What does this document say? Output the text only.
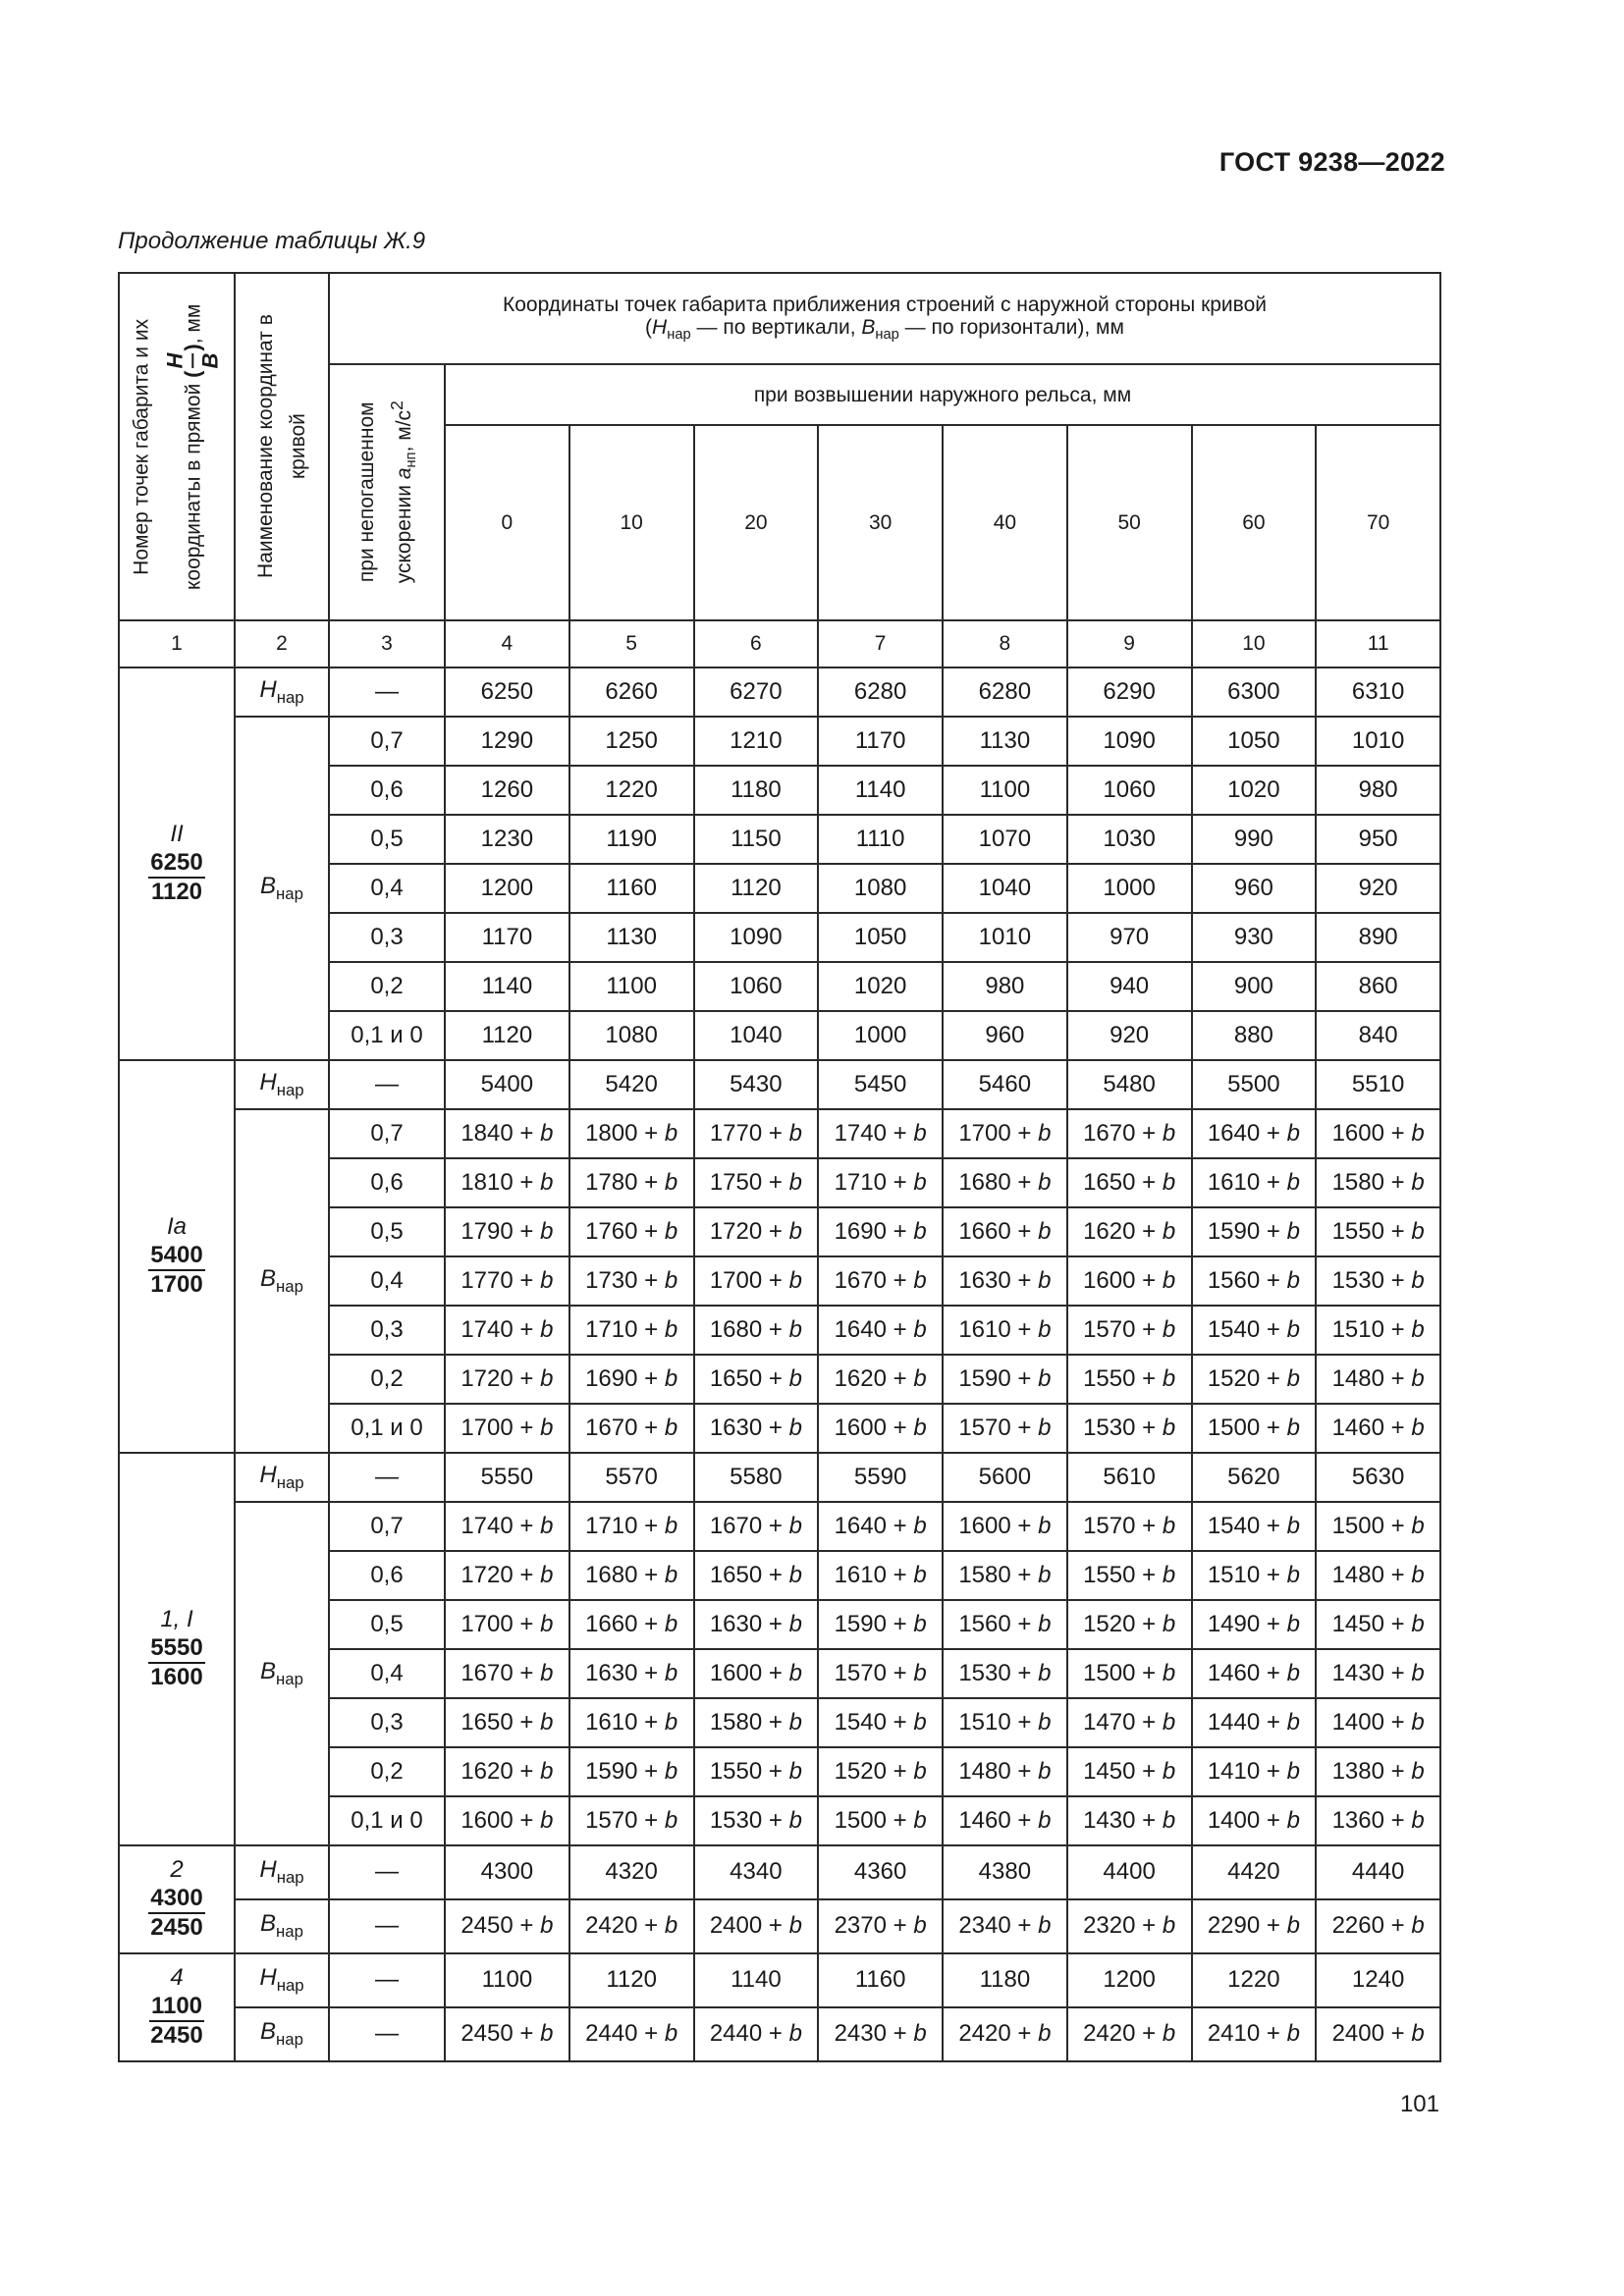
ГОСТ 9238—2022
Продолжение таблицы Ж.9
Номер точек габарита и их координаты в прямой (
H B
), мм	Наименование координат в кривой	Координаты точек габарита приближения строений с наружной стороны кривой
($H_{нар}$ — по вертикали, $B_{нар}$ — по горизонтали), мм								

		при непогашенном ускорении $a_{нп}$, $м/с^2$	при возвышении наружного рельса, мм							
			0	10	20	30	40	50	60	70
1	2	3	4	5	6	7	8	9	10	11

II
$\frac{6250}{1120}$	$H_{нар}$	—	6250	6260	6270	6280	6280	6290	6300	6310
	$B_{нар}$	0,7	1290	1250	1210	1170	1130	1090	1050	1010
		0,6	1260	1220	1180	1140	1100	1060	1020	980
		0,5	1230	1190	1150	1110	1070	1030	990	950
		0,4	1200	1160	1120	1080	1040	1000	960	920
		0,3	1170	1130	1090	1050	1010	970	930	890
		0,2	1140	1100	1060	1020	980	940	900	860
		0,1 и 0	1120	1080	1040	1000	960	920	880	840

Ia
$\frac{5400}{1700}$	$H_{нар}$	—	5400	5420	5430	5450	5460	5480	5500	5510
	$B_{нар}$	0,7	1840 + b	1800 + b	1770 + b	1740 + b	1700 + b	1670 + b	1640 + b	1600 + b
		0,6	1810 + b	1780 + b	1750 + b	1710 + b	1680 + b	1650 + b	1610 + b	1580 + b
		0,5	1790 + b	1760 + b	1720 + b	1690 + b	1660 + b	1620 + b	1590 + b	1550 + b
		0,4	1770 + b	1730 + b	1700 + b	1670 + b	1630 + b	1600 + b	1560 + b	1530 + b
		0,3	1740 + b	1710 + b	1680 + b	1640 + b	1610 + b	1570 + b	1540 + b	1510 + b
		0,2	1720 + b	1690 + b	1650 + b	1620 + b	1590 + b	1550 + b	1520 + b	1480 + b
		0,1 и 0	1700 + b	1670 + b	1630 + b	1600 + b	1570 + b	1530 + b	1500 + b	1460 + b

1, I
$\frac{5550}{1600}$	$H_{нар}$	—	5550	5570	5580	5590	5600	5610	5620	5630
	$B_{нар}$	0,7	1740 + b	1710 + b	1670 + b	1640 + b	1600 + b	1570 + b	1540 + b	1500 + b
		0,6	1720 + b	1680 + b	1650 + b	1610 + b	1580 + b	1550 + b	1510 + b	1480 + b
		0,5	1700 + b	1660 + b	1630 + b	1590 + b	1560 + b	1520 + b	1490 + b	1450 + b
		0,4	1670 + b	1630 + b	1600 + b	1570 + b	1530 + b	1500 + b	1460 + b	1430 + b
		0,3	1650 + b	1610 + b	1580 + b	1540 + b	1510 + b	1470 + b	1440 + b	1400 + b
		0,2	1620 + b	1590 + b	1550 + b	1520 + b	1480 + b	1450 + b	1410 + b	1380 + b
		0,1 и 0	1600 + b	1570 + b	1530 + b	1500 + b	1460 + b	1430 + b	1400 + b	1360 + b

2
$\frac{4300}{2450}$	$H_{нар}$	—	4300	4320	4340	4360	4380	4400	4420	4440
	$B_{нар}$	—	2450 + b	2420 + b	2400 + b	2370 + b	2340 + b	2320 + b	2290 + b	2260 + b

4
$\frac{1100}{2450}$	$H_{нар}$	—	1100	1120	1140	1160	1180	1200	1220	1240
	$B_{нар}$	—	2450 + b	2440 + b	2440 + b	2430 + b	2420 + b	2420 + b	2410 + b	2400 + b
101
